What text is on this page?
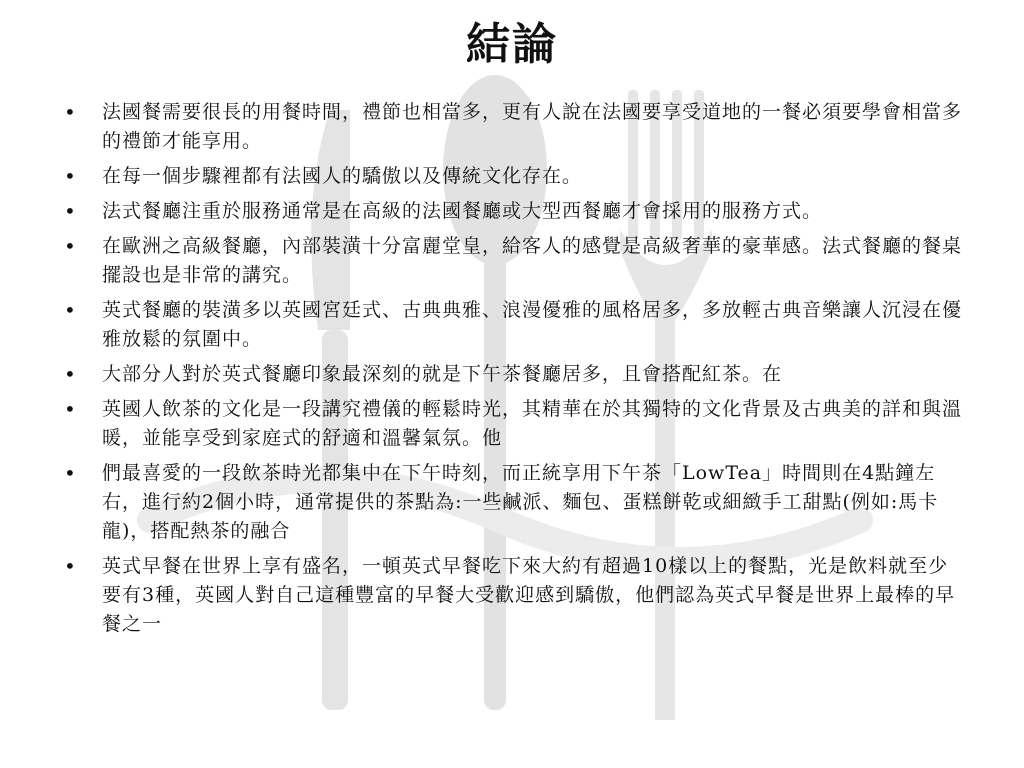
結論
• 法國餐需要很長的用餐時間，禮節也相當多，更有人說在法國要享受道地的一餐必須要學會相當多的禮節才能享用。
• 在每一個步驟裡都有法國人的驕傲以及傳統文化存在。
• 法式餐廳注重於服務通常是在高級的法國餐廳或大型西餐廳才會採用的服務方式。
• 在歐洲之高級餐廳，內部裝潢十分富麗堂皇，給客人的感覺是高級奢華的豪華感。法式餐廳的餐桌擺設也是非常的講究。
• 英式餐廳的裝潢多以英國宮廷式、古典典雅、浪漫優雅的風格居多，多放輕古典音樂讓人沉浸在優雅放鬆的氛圍中。
• 大部分人對於英式餐廳印象最深刻的就是下午茶餐廳居多，且會搭配紅茶。在
• 英國人飲茶的文化是一段講究禮儀的輕鬆時光，其精華在於其獨特的文化背景及古典美的詳和與溫暖，並能享受到家庭式的舒適和溫馨氣氛。他
• 們最喜愛的一段飲茶時光都集中在下午時刻，而正統享用下午茶「LowTea」時間則在4點鐘左右，進行約2個小時，通常提供的茶點為:一些鹹派、麵包、蛋糕餅乾或細緻手工甜點(例如:馬卡龍)，搭配熱茶的融合
• 英式早餐在世界上享有盛名，一頓英式早餐吃下來大約有超過10樣以上的餐點，光是飲料就至少要有3種，英國人對自己這種豐富的早餐大受歡迎感到驕傲，他們認為英式早餐是世界上最棒的早餐之一
